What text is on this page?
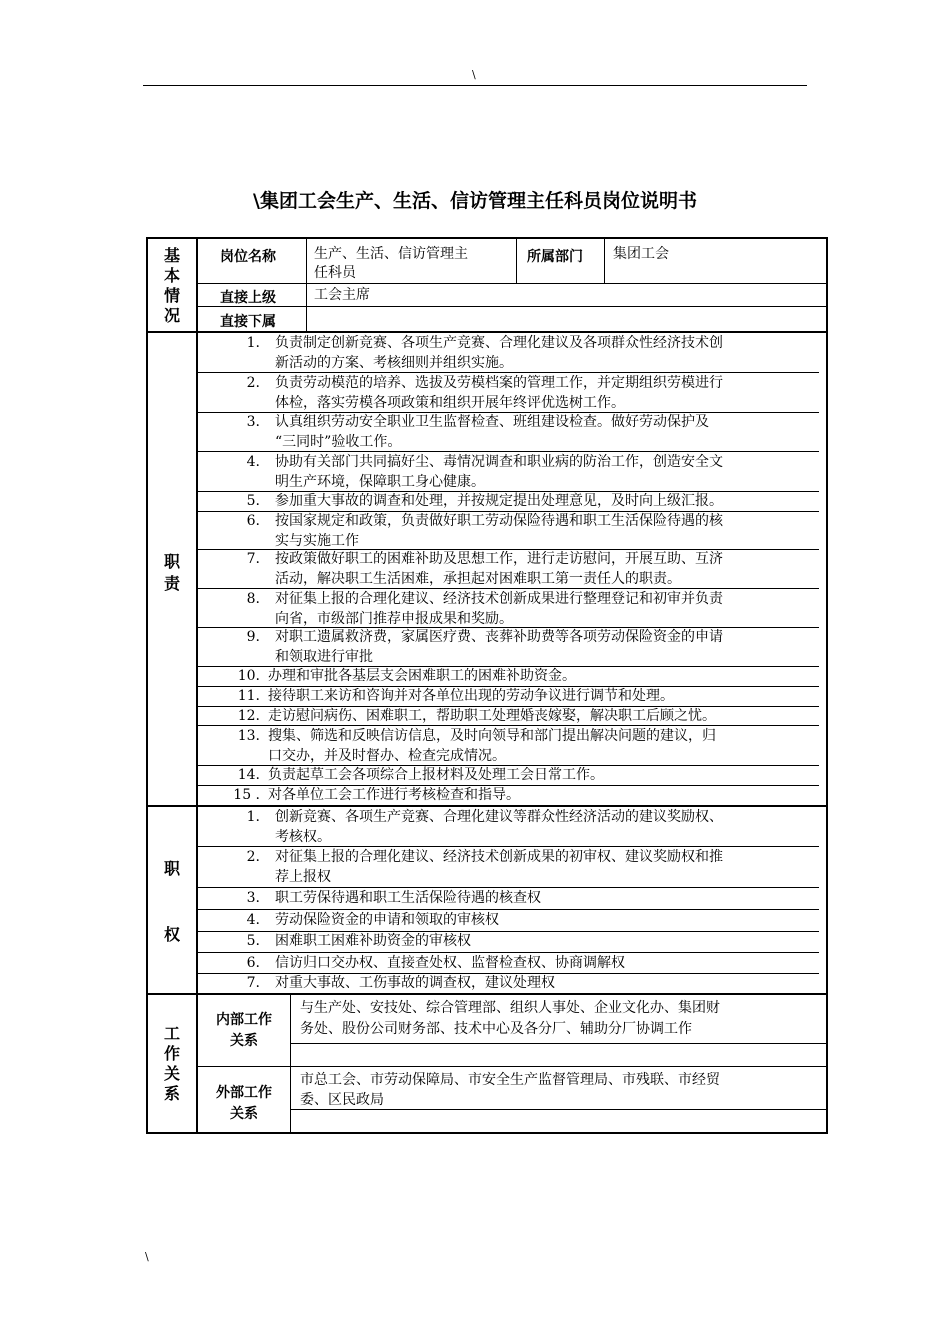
\
\集团工会生产、生活、信访管理主任科员岗位说明书
基
本
情
况
岗位名称	生产、生活、信访管理主
任科员
所属部门 集团工会
直接上级	工会主席
直接下属
职
责
1. 负责制定创新竞赛、各项生产竞赛、合理化建议及各项群众性经济技术创
新活动的方案、考核细则并组织实施。
2. 负责劳动模范的培养、选拔及劳模档案的管理工作，并定期组织劳模进行
体检，落实劳模各项政策和组织开展年终评优选树工作。
3. 认真组织劳动安全职业卫生监督检查、班组建设检查。做好劳动保护及
“三同时”验收工作。
4. 协助有关部门共同搞好尘、毒情况调查和职业病的防治工作，创造安全文
明生产环境，保障职工身心健康。
5. 参加重大事故的调查和处理，并按规定提出处理意见，及时向上级汇报。
6. 按国家规定和政策，负责做好职工劳动保险待遇和职工生活保险待遇的核
实与实施工作
7. 按政策做好职工的困难补助及思想工作，进行走访慰问，开展互助、互济
活动，解决职工生活困难，承担起对困难职工第一责任人的职责。
8. 对征集上报的合理化建议、经济技术创新成果进行整理登记和初审并负责
向省，市级部门推荐申报成果和奖励。
9. 对职工遗属救济费，家属医疗费、丧葬补助费等各项劳动保险资金的申请
和领取进行审批
10. 办理和审批各基层支会困难职工的困难补助资金。
11. 接待职工来访和咨询并对各单位出现的劳动争议进行调节和处理。
12. 走访慰问病伤、困难职工，帮助职工处理婚丧嫁娶，解决职工后顾之忧。
13. 搜集、筛选和反映信访信息，及时向领导和部门提出解决问题的建议，归
口交办，并及时督办、检查完成情况。
14. 负责起草工会各项综合上报材料及处理工会日常工作。
15 . 对各单位工会工作进行考核检查和指导。
职
权
1. 创新竞赛、各项生产竞赛、合理化建议等群众性经济活动的建议奖励权、
考核权。
2. 对征集上报的合理化建议、经济技术创新成果的初审权、建议奖励权和推
荐上报权
3. 职工劳保待遇和职工生活保险待遇的核查权
4. 劳动保险资金的申请和领取的审核权
5. 困难职工困难补助资金的审核权
6. 信访归口交办权、直接查处权、监督检查权、协商调解权
7. 对重大事故、工伤事故的调查权，建议处理权
工
作
关
系
内部工作
关系
与生产处、安技处、综合管理部、组织人事处、企业文化办、集团财
务处、股份公司财务部、技术中心及各分厂、辅助分厂协调工作
外部工作
关系
市总工会、市劳动保障局、市安全生产监督管理局、市残联、市经贸
委、区民政局
\
